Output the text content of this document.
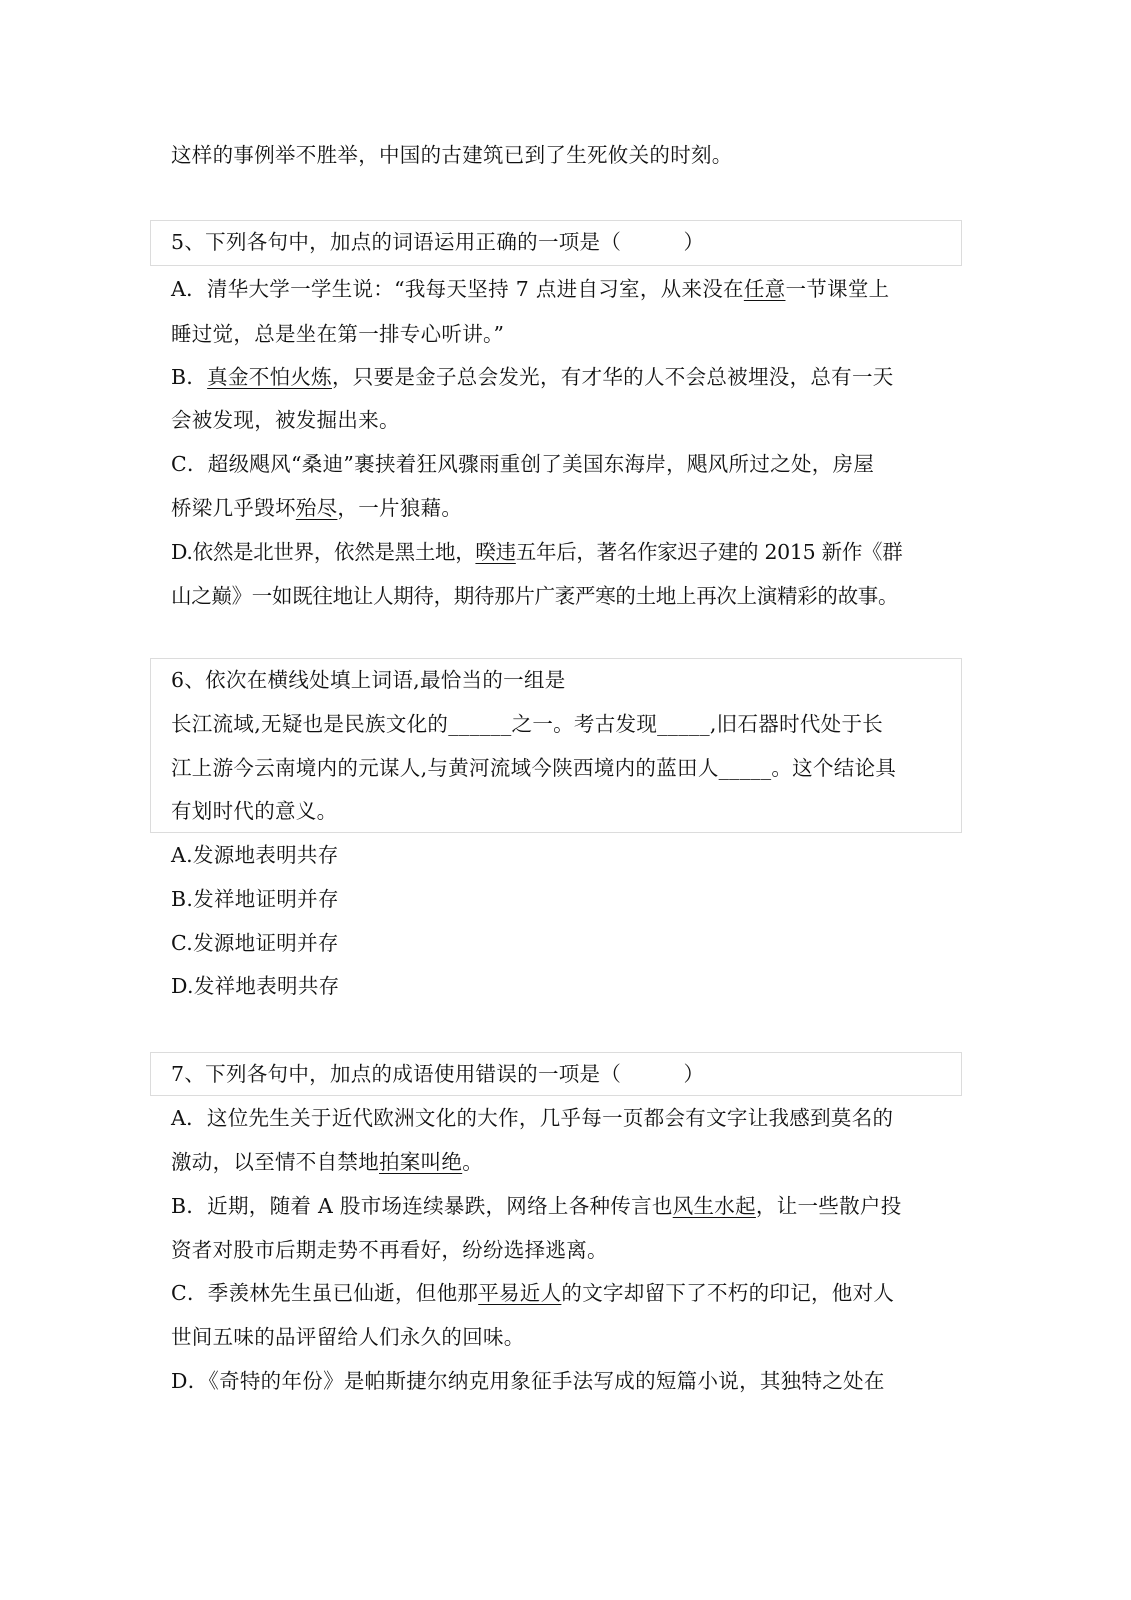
这样的事例举不胜举，中国的古建筑已到了生死攸关的时刻。
5、下列各句中，加点的词语运用正确的一项是（　　　）
A．清华大学一学生说：“我每天坚持 7 点进自习室，从来没在任意一节课堂上
睡过觉，总是坐在第一排专心听讲。”
B．真金不怕火炼，只要是金子总会发光，有才华的人不会总被埋没，总有一天
会被发现，被发掘出来。
C．超级飓风“桑迪”裹挟着狂风骤雨重创了美国东海岸，飓风所过之处，房屋
桥梁几乎毁坏殆尽，一片狼藉。
D.依然是北世界，依然是黑土地，暌违五年后，著名作家迟子建的 2015 新作《群
山之巅》一如既往地让人期待，期待那片广袤严寒的土地上再次上演精彩的故事。
6、依次在横线处填上词语,最恰当的一组是
长江流域,无疑也是民族文化的______之一。考古发现_____,旧石器时代处于长
江上游今云南境内的元谋人,与黄河流域今陕西境内的蓝田人_____。这个结论具
有划时代的意义。
A.发源地表明共存
B.发祥地证明并存
C.发源地证明并存
D.发祥地表明共存
7、下列各句中，加点的成语使用错误的一项是（　　　）
A．这位先生关于近代欧洲文化的大作，几乎每一页都会有文字让我感到莫名的
激动，以至情不自禁地拍案叫绝。
B．近期，随着 A 股市场连续暴跌，网络上各种传言也风生水起，让一些散户投
资者对股市后期走势不再看好，纷纷选择逃离。
C．季羡林先生虽已仙逝，但他那平易近人的文字却留下了不朽的印记，他对人
世间五味的品评留给人们永久的回味。
D．《奇特的年份》是帕斯捷尔纳克用象征手法写成的短篇小说，其独特之处在
